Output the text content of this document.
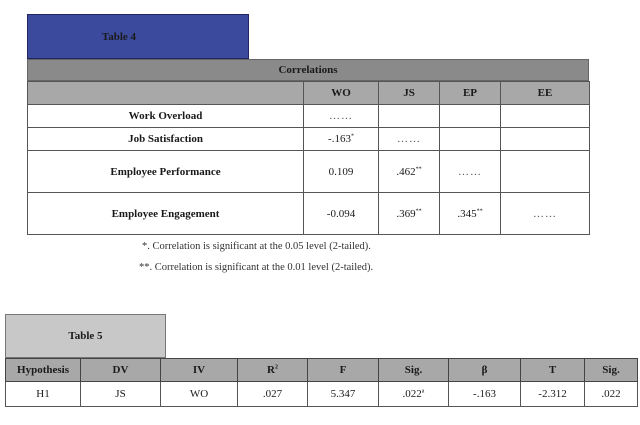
Table 4
Correlations
	WO	JS	EP	EE
Work Overload	……			
Job Satisfaction	-.163*	……		
Employee Performance	0.109	.462**	……	
Employee Engagement	-0.094	.369**	.345**	……
*. Correlation is significant at the 0.05 level (2-tailed).
**. Correlation is significant at the 0.01 level (2-tailed).
Table 5
Hypothesis	DV	IV	$R^2$	F	Sig.	β	T	Sig.
H1	JS	WO	.027	5.347	.022$^a$	-.163	-2.312	.022
